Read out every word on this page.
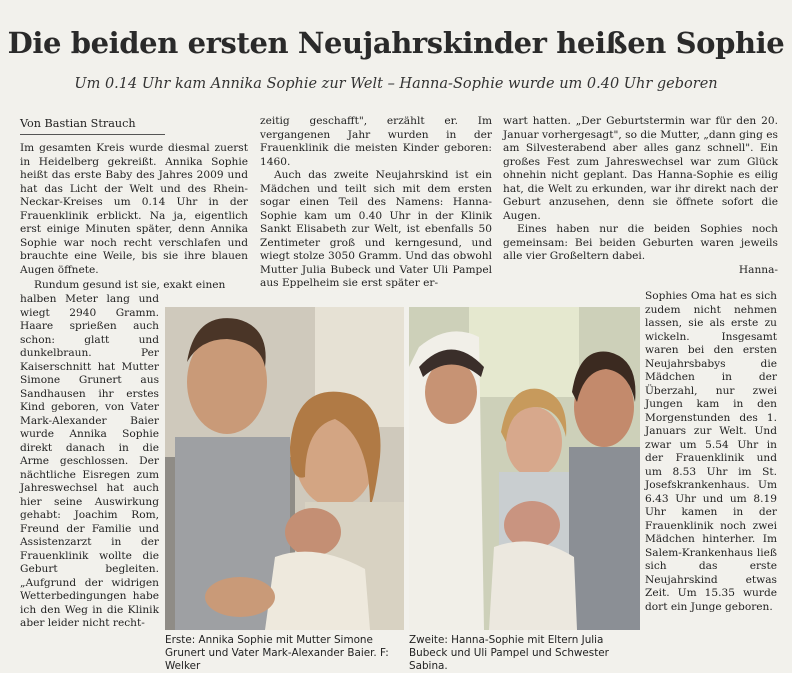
Die beiden ersten Neujahrskinder heißen Sophie
Um 0.14 Uhr kam Annika Sophie zur Welt – Hanna-Sophie wurde um 0.40 Uhr geboren
Von Bastian Strauch

Im gesamten Kreis wurde diesmal zuerst in Heidelberg gekreißt. Annika Sophie heißt das erste Baby des Jahres 2009 und hat das Licht der Welt und des Rhein-Neckar-Kreises um 0.14 Uhr in der Frauenklinik erblickt. Na ja, eigentlich erst einige Minuten später, denn Annika Sophie war noch recht verschlafen und brauchte eine Weile, bis sie ihre blauen Augen öffnete.

Rundum gesund ist sie, exakt einen

halben Meter lang und wiegt 2940 Gramm. Haare sprießen auch schon: glatt und dunkelbraun. Per Kaiserschnitt hat Mutter Simone Grunert aus Sandhausen ihr erstes Kind geboren, von Vater Mark-Alexander Baier wurde Annika Sophie direkt danach in die Arme geschlossen. Der nächtliche Eisregen zum Jahreswechsel hat auch hier seine Auswirkung gehabt: Joachim Rom, Freund der Familie und Assistenzarzt in der Frauenklinik wollte die Geburt begleiten. „Aufgrund der widrigen Wetterbedingungen habe ich den Weg in die Klinik aber leider nicht recht-

zeitig geschafft", erzählt er. Im vergangenen Jahr wurden in der Frauenklinik die meisten Kinder geboren: 1460.

Auch das zweite Neujahrskind ist ein Mädchen und teilt sich mit dem ersten sogar einen Teil des Namens: Hanna-Sophie kam um 0.40 Uhr in der Klinik Sankt Elisabeth zur Welt, ist ebenfalls 50 Zentimeter groß und kerngesund, und wiegt stolze 3050 Gramm. Und das obwohl Mutter Julia Bubeck und Vater Uli Pampel aus Eppelheim sie erst später er-

wart hatten. „Der Geburtstermin war für den 20. Januar vorhergesagt", so die Mutter, „dann ging es am Silvesterabend aber alles ganz schnell". Ein großes Fest zum Jahreswechsel war zum Glück ohnehin nicht geplant. Das Hanna-Sophie es eilig hat, die Welt zu erkunden, war ihr direkt nach der Geburt anzusehen, denn sie öffnete sofort die Augen.

Eines haben nur die beiden Sophies noch gemeinsam: Bei beiden Geburten waren jeweils alle vier Großeltern dabei.

Hanna-

Sophies Oma hat es sich zudem nicht nehmen lassen, sie als erste zu wickeln. Insgesamt waren bei den ersten Neujahrsbabys die Mädchen in der Überzahl, nur zwei Jungen kam in den Morgenstunden des 1. Januars zur Welt. Und zwar um 5.54 Uhr in der Frauenklinik und um 8.53 Uhr im St. Josefskrankenhaus. Um 6.43 Uhr und um 8.19 Uhr kamen in der Frauenklinik noch zwei Mädchen hinterher. Im Salem-Krankenhaus ließ sich das erste Neujahrskind etwas Zeit. Um 15.35 wurde dort ein Junge geboren.

Erste: Annika Sophie mit Mutter Simone Grunert und Vater Mark-Alexander Baier. F: Welker
Zweite: Hanna-Sophie mit Eltern Julia Bubeck und Uli Pampel und Schwester Sabina.
